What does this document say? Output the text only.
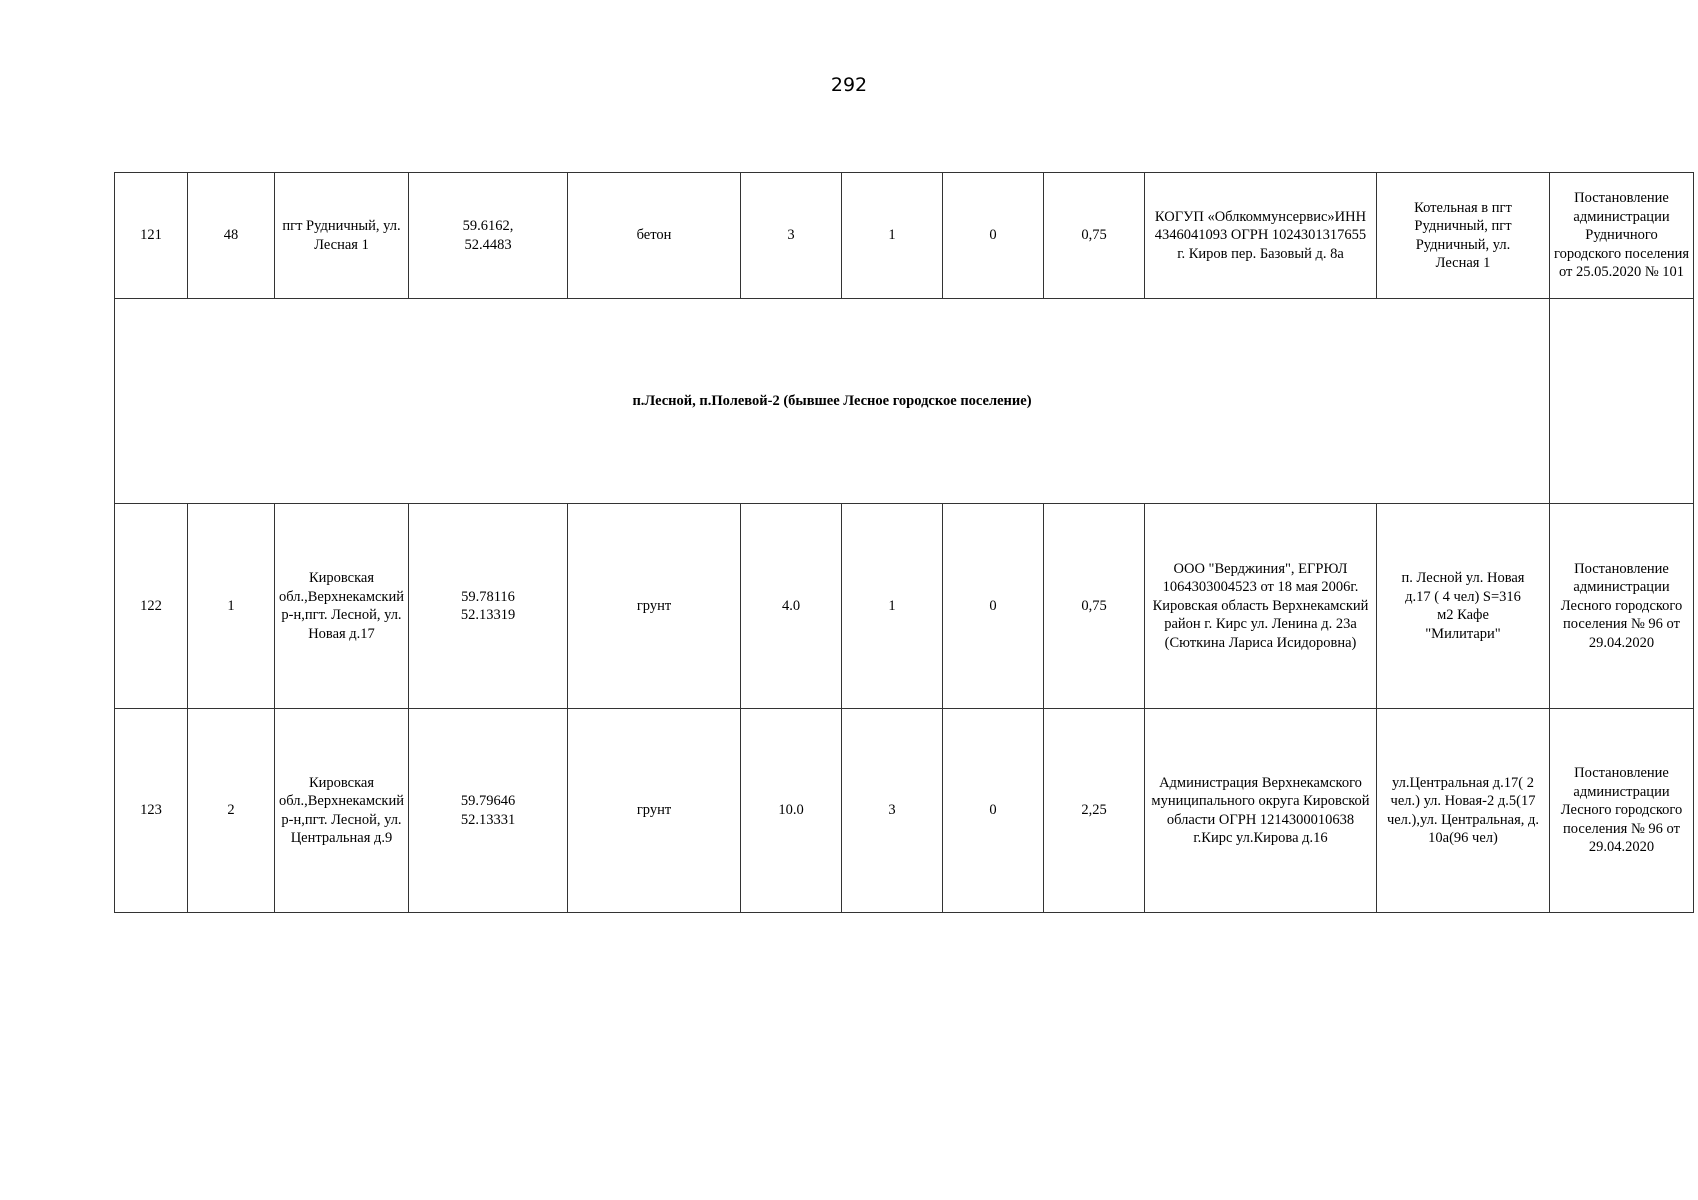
292
121	48	пгт Рудничный, ул. Лесная 1	59.6162, 52.4483	бетон	3	1	0	0,75	КОГУП «Облкоммунсервис»ИНН 4346041093 ОГРН 1024301317655 г. Киров пер. Базовый д. 8а	Котельная в пгт Рудничный, пгт Рудничный, ул. Лесная 1	Постановление администрации Рудничного городского поселения от 25.05.2020 № 101
п.Лесной, п.Полевой-2 (бывшее Лесное городское поселение)											
122	1	Кировская обл.,Верхнекамский р-н,пгт. Лесной, ул. Новая д.17	59.78116 52.13319	грунт	4.0	1	0	0,75	ООО "Верджиния", ЕГРЮЛ 1064303004523 от 18 мая 2006г. Кировская область Верхнекамский район г. Кирс ул. Ленина д. 23а (Сюткина Лариса Исидоровна)	п. Лесной ул. Новая д.17 ( 4 чел) S=316 м2 Кафе "Милитари"	Постановление администрации Лесного городского поселения № 96 от 29.04.2020
123	2	Кировская обл.,Верхнекамский р-н,пгт. Лесной, ул. Центральная д.9	59.79646 52.13331	грунт	10.0	3	0	2,25	Администрация Верхнекамского муниципального округа Кировской области ОГРН 1214300010638 г.Кирс ул.Кирова д.16	ул.Центральная д.17( 2 чел.) ул. Новая-2 д.5(17 чел.),ул. Центральная, д. 10а(96 чел)	Постановление администрации Лесного городского поселения № 96 от 29.04.2020
